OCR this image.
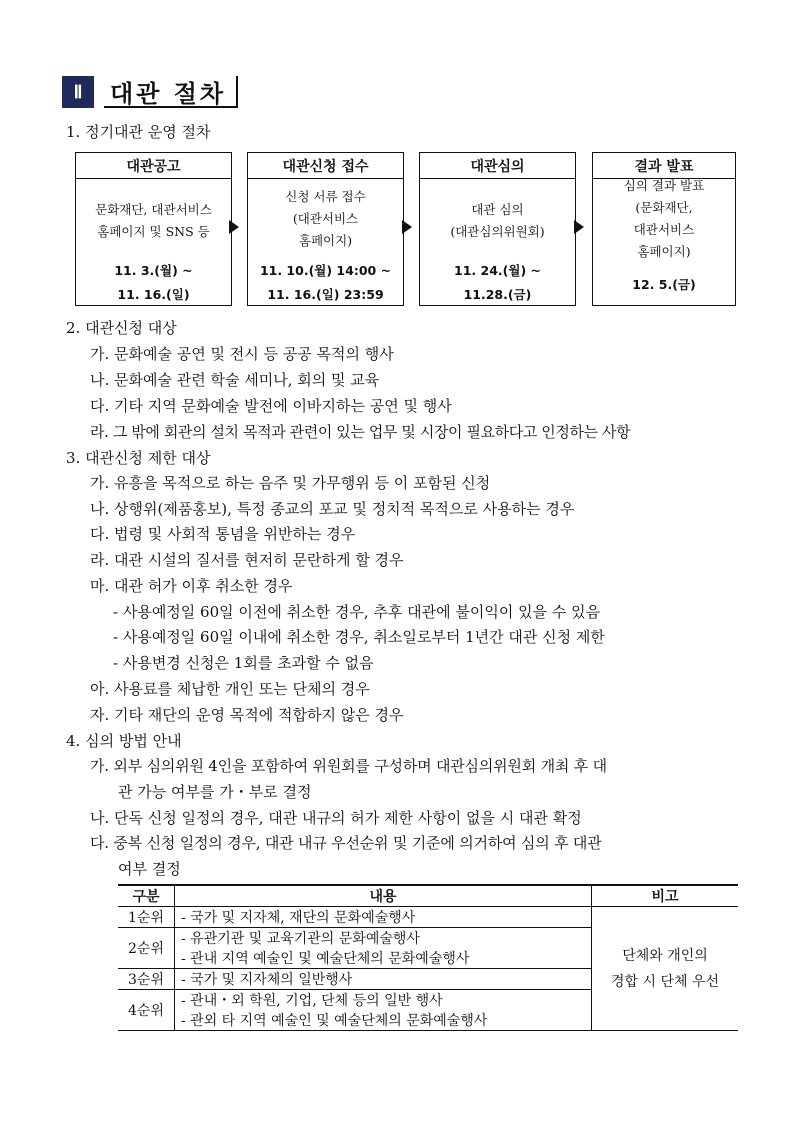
Ⅱ	대관 절차
1. 정기대관 운영 절차
대관공고
문화재단, 대관서비스
홈페이지 및 SNS 등
11. 3.(월) ~
11. 16.(일)
대관신청 접수
신청 서류 접수
(대관서비스
홈페이지)
11. 10.(월) 14:00 ~
11. 16.(일) 23:59
대관심의
대관 심의
(대관심의위원회)
11. 24.(월) ~
11.28.(금)
결과 발표
심의 결과 발표
(문화재단,
대관서비스
홈페이지)
12. 5.(금)
2. 대관신청 대상
가. 문화예술 공연 및 전시 등 공공 목적의 행사
나. 문화예술 관련 학술 세미나, 회의 및 교육
다. 기타 지역 문화예술 발전에 이바지하는 공연 및 행사
라. 그 밖에 회관의 설치 목적과 관련이 있는 업무 및 시장이 필요하다고 인정하는 사항
3. 대관신청 제한 대상
가. 유흥을 목적으로 하는 음주 및 가무행위 등 이 포함된 신청
나. 상행위(제품홍보), 특정 종교의 포교 및 정치적 목적으로 사용하는 경우
다. 법령 및 사회적 통념을 위반하는 경우
라. 대관 시설의 질서를 현저히 문란하게 할 경우
마. 대관 허가 이후 취소한 경우
- 사용예정일 60일 이전에 취소한 경우, 추후 대관에 불이익이 있을 수 있음
- 사용예정일 60일 이내에 취소한 경우, 취소일로부터 1년간 대관 신청 제한
- 사용변경 신청은 1회를 초과할 수 없음
아. 사용료를 체납한 개인 또는 단체의 경우
자. 기타 재단의 운영 목적에 적합하지 않은 경우
4. 심의 방법 안내
가. 외부 심의위원 4인을 포함하여 위원회를 구성하며 대관심의위원회 개최 후 대
관 가능 여부를 가・부로 결정
나. 단독 신청 일정의 경우, 대관 내규의 허가 제한 사항이 없을 시 대관 확정
다. 중복 신청 일정의 경우, 대관 내규 우선순위 및 기준에 의거하여 심의 후 대관
여부 결정
구분	내용	비고
1순위	- 국가 및 지자체, 재단의 문화예술행사	단체와 개인의
경합 시 단체 우선

2순위	- 유관기관 및 교육기관의 문화예술행사	
	- 관내 지역 예술인 및 예술단체의 문화예술행사	
3순위	- 국가 및 지자체의 일반행사	
4순위	- 관내・외 학원, 기업, 단체 등의 일반 행사	
	- 관외 타 지역 예술인 및 예술단체의 문화예술행사	
